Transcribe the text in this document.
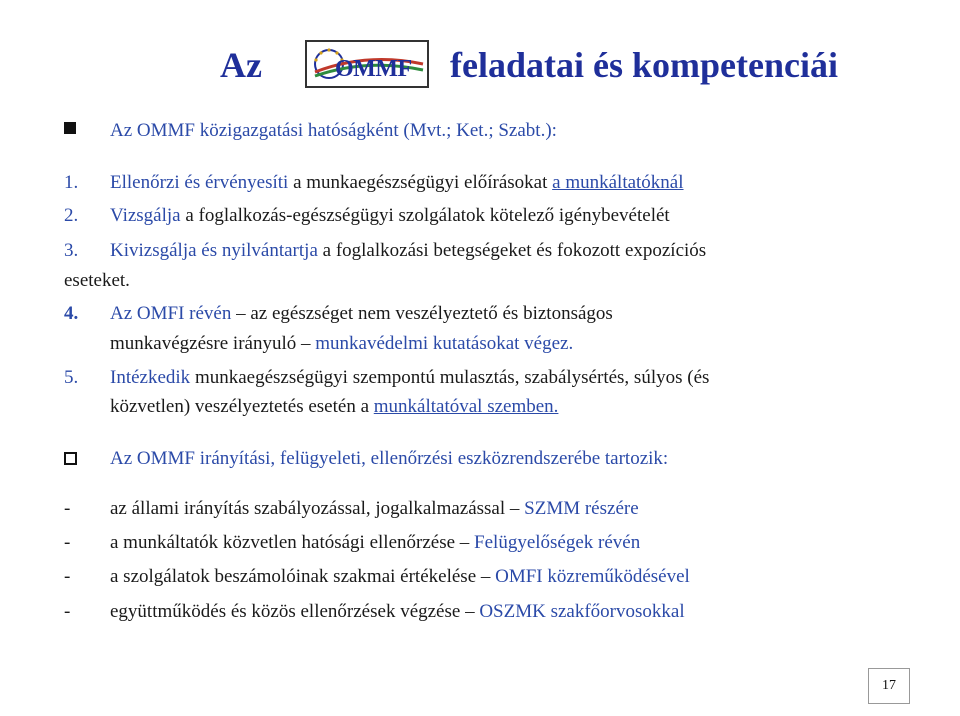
Az	OMMF feladatai és kompetenciái
Az OMMF közigazgatási hatóságként (Mvt.; Ket.; Szabt.):
1. Ellenőrzi és érvényesíti a munkaegészségügyi előírásokat a munkáltatóknál
2. Vizsgálja a foglalkozás-egészségügyi szolgálatok kötelező igénybevételét
3. Kivizsgálja és nyilvántartja a foglalkozási betegségeket és fokozott expozíciós
eseteket.
4. Az OMFI révén – az egészséget nem veszélyeztető és biztonságos
munkavégzésre irányuló – munkavédelmi kutatásokat végez.
5. Intézkedik munkaegészségügyi szempontú mulasztás, szabálysértés, súlyos (és
közvetlen) veszélyeztetés esetén a munkáltatóval szemben.
Az OMMF irányítási, felügyeleti, ellenőrzési eszközrendszerébe tartozik:
- az állami irányítás szabályozással, jogalkalmazással – SZMM részére
- a munkáltatók közvetlen hatósági ellenőrzése – Felügyelőségek révén
- a szolgálatok beszámolóinak szakmai értékelése – OMFI közreműködésével
- együttműködés és közös ellenőrzések végzése – OSZMK szakfőorvosokkal
17
